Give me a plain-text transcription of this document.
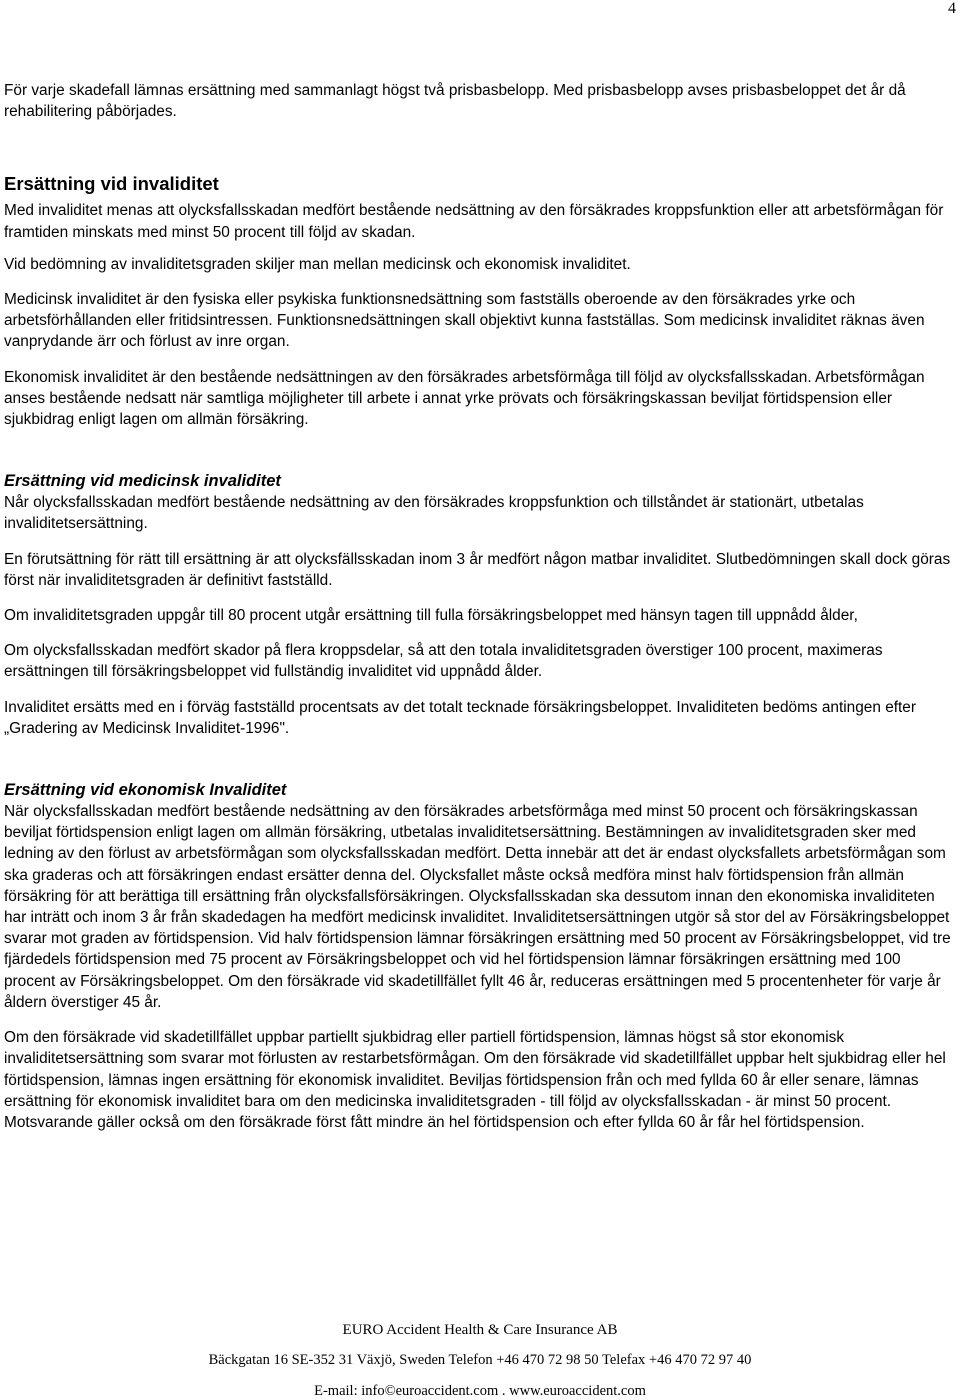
4

För varje skadefall lämnas ersättning med sammanlagt högst två prisbasbelopp. Med prisbasbelopp avses prisbasbeloppet det år då rehabilitering påbörjades.

Ersättning vid invaliditet

Med invaliditet menas att olycksfallsskadan medfört bestående nedsättning av den försäkrades kroppsfunktion eller att arbetsförmågan för framtiden minskats med minst 50 procent till följd av skadan.

Vid bedömning av invaliditetsgraden skiljer man mellan medicinsk och ekonomisk invaliditet.

Medicinsk invaliditet är den fysiska eller psykiska funktionsnedsättning som fastställs oberoende av den försäkrades yrke och arbetsförhållanden eller fritidsintressen. Funktionsnedsättningen skall objektivt kunna fastställas. Som medicinsk invaliditet räknas även vanprydande ärr och förlust av inre organ.

Ekonomisk invaliditet är den bestående nedsättningen av den försäkrades arbetsförmåga till följd av olycksfallsskadan. Arbetsförmågan anses bestående nedsatt när samtliga möjligheter till arbete i annat yrke prövats och försäkringskassan beviljat förtidspension eller sjukbidrag enligt lagen om allmän försäkring.

Ersättning vid medicinsk invaliditet

Når olycksfallsskadan medfört bestående nedsättning av den försäkrades kroppsfunktion och tillståndet är stationärt, utbetalas invaliditetsersättning.

En förutsättning för rätt till ersättning är att olycksfällsskadan inom 3 år medfört någon matbar invaliditet. Slutbedömningen skall dock göras först när invaliditetsgraden är definitivt fastställd.

Om invaliditetsgraden uppgår till 80 procent utgår ersättning till fulla försäkringsbeloppet med hänsyn tagen till uppnådd ålder,

Om olycksfallsskadan medfört skador på flera kroppsdelar, så att den totala invaliditetsgraden överstiger 100 procent, maximeras ersättningen till försäkringsbeloppet vid fullständig invaliditet vid uppnådd ålder.

Invaliditet ersätts med en i förväg fastställd procentsats av det totalt tecknade försäkringsbeloppet. Invaliditeten bedöms antingen efter „Gradering av Medicinsk Invaliditet-1996".

Ersättning vid ekonomisk Invaliditet

När olycksfallsskadan medfört bestående nedsättning av den försäkrades arbetsförmåga med minst 50 procent och försäkringskassan beviljat förtidspension enligt lagen om allmän försäkring, utbetalas invaliditetsersättning. Bestämningen av invaliditetsgraden sker med ledning av den förlust av arbetsförmågan som olycksfallsskadan medfört. Detta innebär att det är endast olycksfallets arbetsförmågan som ska graderas och att försäkringen endast ersätter denna del. Olycksfallet måste också medföra minst halv förtidspension från allmän försäkring för att berättiga till ersättning från olycksfallsförsäkringen. Olycksfallsskadan ska dessutom innan den ekonomiska invaliditeten har inträtt och inom 3 år från skadedagen ha medfört medicinsk invaliditet. Invaliditetsersättningen utgör så stor del av Försäkringsbeloppet svarar mot graden av förtidspension. Vid halv förtidspension lämnar försäkringen ersättning med 50 procent av Försäkringsbeloppet, vid tre fjärdedels förtidspension med 75 procent av Försäkringsbeloppet och vid hel förtidspension lämnar försäkringen ersättning med 100 procent av Försäkringsbeloppet. Om den försäkrade vid skadetillfället fyllt 46 år, reduceras ersättningen med 5 procentenheter för varje år åldern överstiger 45 år.

Om den försäkrade vid skadetillfället uppbar partiellt sjukbidrag eller partiell förtidspension, lämnas högst så stor ekonomisk invaliditetsersättning som svarar mot förlusten av restarbetsförmågan. Om den försäkrade vid skadetillfället uppbar helt sjukbidrag eller hel förtidspension, lämnas ingen ersättning för ekonomisk invaliditet. Beviljas förtidspension från och med fyllda 60 år eller senare, lämnas ersättning för ekonomisk invaliditet bara om den medicinska invaliditetsgraden - till följd av olycksfallsskadan - är minst 50 procent. Motsvarande gäller också om den försäkrade först fått mindre än hel förtidspension och efter fyllda 60 år får hel förtidspension.

EURO Accident Health & Care Insurance AB
Bäckgatan 16 SE-352 31 Växjö, Sweden Telefon +46 470 72 98 50 Telefax +46 470 72 97 40
E-mail: info©euroaccident.com . www.euroaccident.com
